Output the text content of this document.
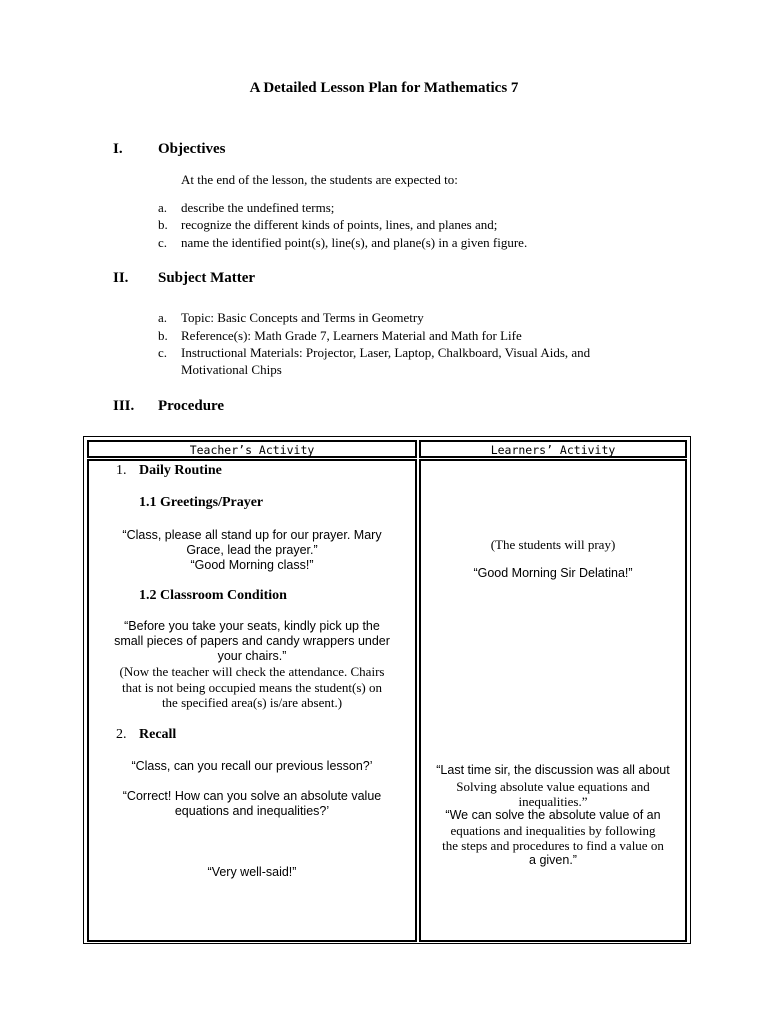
A Detailed Lesson Plan for Mathematics 7
I. Objectives
At the end of the lesson, the students are expected to:
a. describe the undefined terms;
b. recognize the different kinds of points, lines, and planes and;
c. name the identified point(s), line(s), and plane(s) in a given figure.
II. Subject Matter
a. Topic: Basic Concepts and Terms in Geometry
b. Reference(s): Math Grade 7, Learners Material and Math for Life
c. Instructional Materials: Projector, Laser, Laptop, Chalkboard, Visual Aids, and
Motivational Chips
III. Procedure
Teacher’s Activity	Learners’ Activity
1. Daily Routine
1.1 Greetings/Prayer
“Class, please all stand up for our prayer. Mary
Grace, lead the prayer.”
“Good Morning class!”
1.2 Classroom Condition
“Before you take your seats, kindly pick up the
small pieces of papers and candy wrappers under
your chairs.”
(Now the teacher will check the attendance. Chairs
that is not being occupied means the student(s) on
the specified area(s) is/are absent.)
2. Recall
“Class, can you recall our previous lesson?’
“Correct! How can you solve an absolute value
equations and inequalities?’
“Very well-said!”
(The students will pray)
“Good Morning Sir Delatina!”
“Last time sir, the discussion was all about
Solving absolute value equations and
inequalities.”
“We can solve the absolute value of an
equations and inequalities by following
the steps and procedures to find a value on
a given.”
